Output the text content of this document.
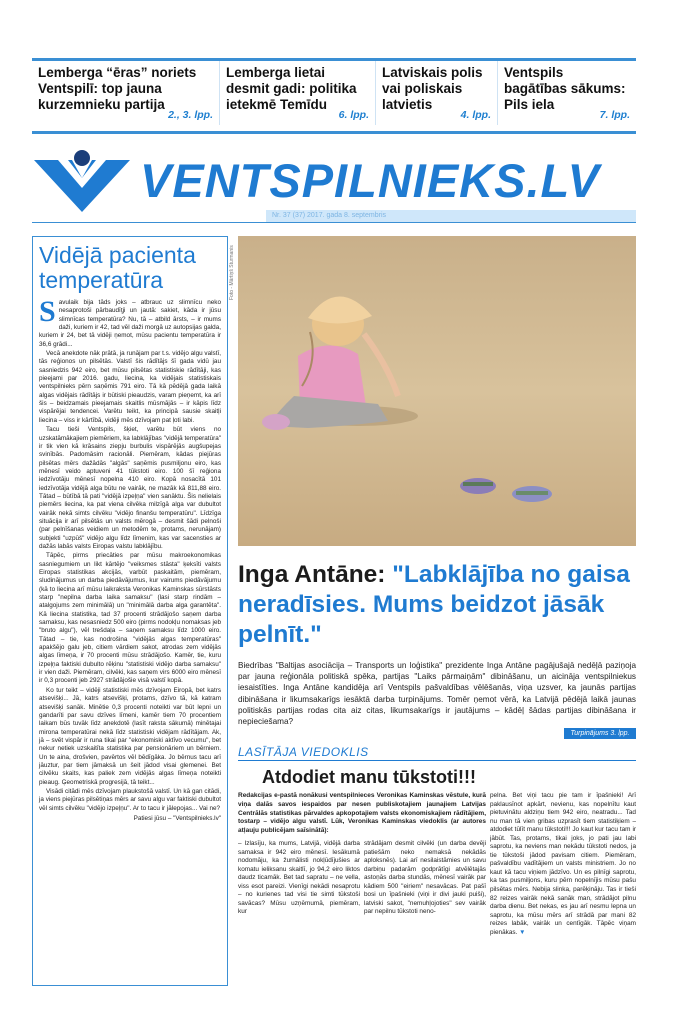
Lemberga “ēras” noriets Ventspilī: top jauna kurzemnieku partija
2., 3. lpp.
Lemberga lietai desmit gadi: politika ietekmē Temīdu
6. lpp.
Latviskais polis vai poliskais latvietis
4. lpp.
Ventspils bagātības sākums: Pils iela
7. lpp.
VENTSPILNIEKS.LV
Nr. 37 (37) 2017. gada 8. septembris
Vidējā pacienta temperatūra

Savulaik bija tāds joks – atbrauc uz slimnīcu neko nesaprotoši pārbaudīţji un jautā: sakiet, kāda ir jūsu slimnīcas temperatūra? Nu, tā – atbild ārsts, – ir mums daži, kuriem ir 42, tad vēl daži morgā uz autopsijas galda, kuriem ir 24, bet tā vidēji ņemot, mūsu pacientu temperatūra ir 36,6 grādi...

Vecā anekdote nāk prātā, ja runājam par t.s. vidējo algu valstī, tās reģionos un pilsētās. Valstī šis rādītājs šī gada vidū jau sasniedzis 942 eiro, bet mūsu pilsētas statistiskie rādītāji, kas pieejami par 2016. gadu, liecina, ka vidējais statistiskais ventspilnieks pērn saņēmis 791 eiro. Tā kā pēdējā gada laikā algas vidējais rādītājs ir būtiski pieaudzis, varam pieņemt, ka arī šis – beidzamais pieejamais skaitlis mūsmājās – ir kāpis līdz vispārējai tendencei. Varētu teikt, ka principā sausie skaitļi liecina – viss ir kārtībā, vidēji mēs dzīvojam pat ļoti labi.

Tacu tieši Ventspils, šķiet, varētu būt viens no uzskatāmākajiem piemēriem, ka labklājības "vidējā temperatūra" ir tik vien kā krāsains ziepju burbulis vispārējās augšupejas svinībās. Padomāsim racionāli. Piemēram, kādas piejūras pilsētas mērs dažādās "algās" saņēmis pusmiljonu eiro, kas mēnesī veido aptuveni 41 tūkstoti eiro. 100 šī reģiona iedzīvotāju mēnesī nopelna 410 eiro. Kopā nosacītā 101 iedzīvotāja vidējā alga būtu ne vairāk, ne mazāk kā 811,88 eiro. Tātad – būtībā tā pati "vidējā izpeļņa" vien sanāktu. Šis nelielais piemērs liecina, ka pat viena cilvēka milzīgā alga var dubultot vairāk nekā simts cilvēku "vidējo finanšu temperatūru". Līdzīga situācija ir arī pilsētās un valsts mērogā – desmit šādi pelnoši (par pelnīšanas veidiem un metodēm te, protams, nerunājam) subjekti "uzpūš" vidējo algu līdz līmenim, kas var sacensties ar dažās labās valsts Eiropas valstu labklājību.

Tāpēc, pirms priecāties par mūsu makroekonomikas sasniegumiem un likt kārtējo "veiksmes stāsta" ķeksīti valsts Eiropas statistikas akcijās, varbūt paskaitām, piemēram, sludinājumus un darba piedāvājumus, kur vairums piedāvājumu (kā to liecina arī mūsu laikraksta Veronikas Kaminskas sūrstāsts starp "nepilna darba laika samaksu" (lasi starp rindām – atalgojums zem minimālā) un "minimālā darba alga garantēta". Kā liecina statistika, tad 37 procenti strādājošo saņem darba samaksu, kas nesasniedz 500 eiro (pirms nodokļu nomaksas jeb "bruto algu"), vēl trešdaļa – saņem samaksu līdz 1000 eiro. Tātad – tie, kas nodrošina "vidējās algas temperatūras" apakšējo galu jeb, citiem vārdiem sakot, atrodas zem vidējās algas līmeņa, ir 70 procenti mūsu strādājošo. Kamēr, tie, kuru izpeļņa faktiski dubulto rēķinu "statistiski vidējo darba samaksu" ir vien daži. Piemēram, cilvēki, kas saņem virs 6000 eiro mēnesī ir 0,3 procenti jeb 2927 strādājošie visā valstī kopā.

Ko tur teikt – vidēji statistiski mēs dzīvojam Eiropā, bet katrs atsevišķi... Jā, katrs atsevišķi, protams, dzīvo tā, kā katram atsevišķi sanāk. Minētie 0,3 procenti noteikti var būt lepni un gandarīti par savu dzīves līmeni, kamēr tiem 70 procentiem laikam būs tuvāk līdz anekdotē (lasīt raksta sākumā) minētajai mirona temperatūrai nekā līdz statistiski vidējam rādītājam. Ak, jā – svēt vispār ir runa tikai par "ekonomiski aktīvo vecumu", bet nekur netiek uzskaitīta statistika par pensionāriem un bērniem. Un te aina, drošvien, pavērtos vēl bēdīgāka. Jo bērnus tacu arī jāuztur, par tiem jāmaksā un šeit jādod visai glemenei. Bet cilvēku skaits, kas paliek zem vidējās algas līmeņa noteikti pieaug. Ģeometriskā progresijā, tā teikt...

Visādi citādi mēs dzīvojam plaukstošā valstī. Un kā gan citādi, ja viens piejūras pilsētiņas mērs ar savu algu var faktiski dubultot vēl simts cilvēku "vidējo izpeļņu". Ar to tacu ir jālepojas... Vai ne?

Patiesi jūsu – "Ventspilnieks.lv"

Foto - Mārtiņš Sturmanis
Inga Antāne: "Labklājība no gaisa neradīsies. Mums beidzot jāsāk pelnīt."

Biedrības "Baltijas asociācija – Transports un loģistika" prezidente Inga Antāne pagājušajā nedēļā paziņoja par jauna reģionāla politiskā spēka, partijas "Laiks pārmaiņām" dibināšanu, un aicināja ventspilniekus iesaistīties. Inga Antāne kandidēja arī Ventspils pašvaldības vēlēšanās, viņa uzsver, ka jaunās partijas dibināšana ir likumsakarīgs iesāktā darba turpinājums. Tomēr ņemot vērā, ka Latvijā pēdējā laikā jaunas politiskās partijas rodas cita aiz citas, likumsakarīgs ir jautājums – kādēļ šādas partijas dibināšana ir nepieciešama?

Turpinājums 3. lpp.
LASĪTĀJA VIEDOKLIS
Atdodiet manu tūkstoti!!!

Redakcijas e-pastā nonākusi ventspilnieces Veronikas Kaminskas vēstule, kurā viņa dalās savos iespaidos par nesen publiskotajiem jaunajiem Latvijas Centrālās statistikas pārvaldes apkopotajiem valsts ekonomiskajiem rādītājiem, tostarp – vidējo algu valstī. Lūk, Veronikas Kaminskas viedoklis (ar autores atļauju publicējam saīsinātā):

– Izlasīju, ka mums, Latvijā, vidējā darba samaksa ir 942 eiro mēnesī. Iesākumā nodomāju, ka žurnālisti nokļūdījušies ar komatu ieliksanu skaitlī, jo 94,2 eiro liktos daudz ticamāk. Bet tad sapratu – ne vella, viss esot pareizi. Vienīgi nekādi nesaprotu – no kurienes tad visi tie simti tūkstoši savācas? Mūsu uzņēmumā, piemēram, kur

strādājam desmit cilvēki (un darba devēji patiešām neko nemaksā nekādās aploksnēs). Lai arī nesilaistāmies un savu darbiņu padarām godprātīgi atvēlētajās astoņās darba stundās, mēnesī vairāk par kādiem 500 "eiriem" nesavācas. Pat pašī bosi un īpašnieki (viņi ir divi jauki puiši), latviski sakot, "nemuhļojoties" sev vairāk par nepilnu tūkstoti neno-

pelna. Bet viņi tacu pie tam ir īpašnieki! Arī paklausīnot apkārt, nevienu, kas nopelnītu kaut pietuvinātu aldziņu tiem 942 eiro, neatradu... Tad nu man tā vien gribas uzprasīt tiem statistiķiem – atdodiet tūlīt manu tūkstoti!!! Jo kaut kur tacu tam ir jābūt. Tas, protams, tikai joks, jo pati jau labi saprotu, ka neviens man nekādu tūkstoti nedos, ja tie tūkstoši jādod pavisam citiem. Piemēram, pašvaldību vadītājiem un valsts ministriem. Jo no kaut kā tacu viņiem jādzīvo. Un es pilnīgi saprotu, ka tas pusmiljons, kuru pērn nopelnījis mūsu pašu pilsētas mērs. Nebija slinka, parēķināju. Tas ir tieši 82 reizes vairāk nekā sanāk man, strādājot pilnu darba dienu. Bet nekas, es jau arī nesmu lepna un saprotu, ka mūsu mērs arī strādā par mani 82 reizes labāk, vairāk un centīgāk. Tāpēc viņam pienākas. ▼
